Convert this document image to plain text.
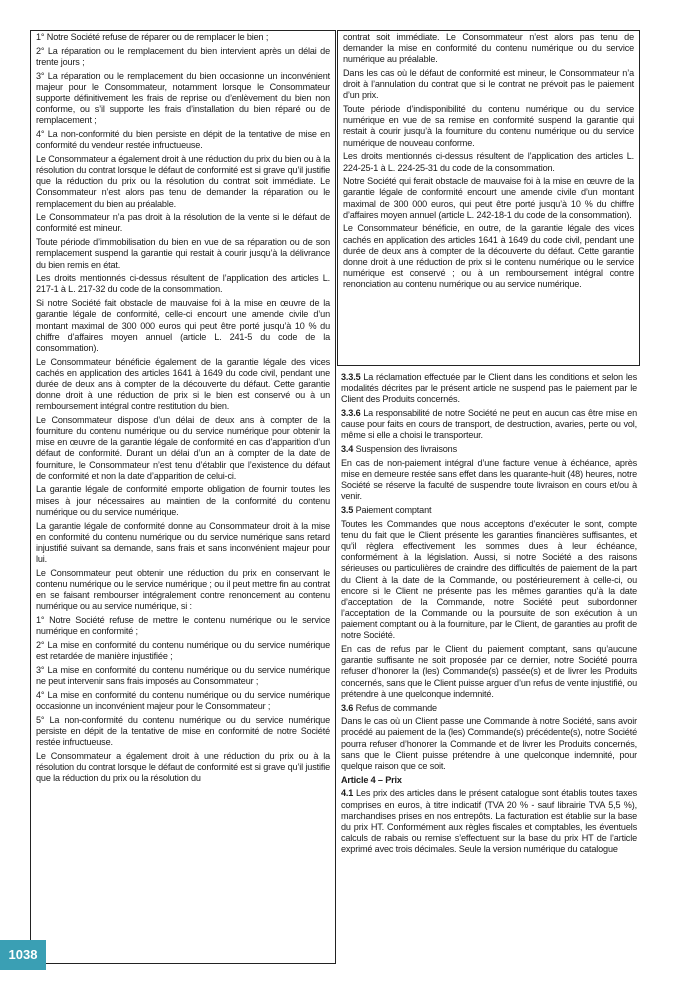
1° Notre Société refuse de réparer ou de remplacer le bien ;

2° La réparation ou le remplacement du bien intervient après un délai de trente jours ;

3° La réparation ou le remplacement du bien occasionne un inconvénient majeur pour le Consommateur, notamment lorsque le Consommateur supporte définitivement les frais de reprise ou d’enlèvement du bien non conforme, ou s’il supporte les frais d’installation du bien réparé ou de remplacement ;

4° La non-conformité du bien persiste en dépit de la tentative de mise en conformité du vendeur restée infructueuse.

Le Consommateur a également droit à une réduction du prix du bien ou à la résolution du contrat lorsque le défaut de conformité est si grave qu’il justifie que la réduction du prix ou la résolution du contrat soit immédiate. Le Consommateur n’est alors pas tenu de demander la réparation ou le remplacement du bien au préalable.

Le Consommateur n’a pas droit à la résolution de la vente si le défaut de conformité est mineur.

Toute période d’immobilisation du bien en vue de sa réparation ou de son remplacement suspend la garantie qui restait à courir jusqu’à la délivrance du bien remis en état.

Les droits mentionnés ci-dessus résultent de l’application des articles L. 217-1 à L. 217-32 du code de la consommation.

Si notre Société fait obstacle de mauvaise foi à la mise en œuvre de la garantie légale de conformité, celle-ci encourt une amende civile d’un montant maximal de 300 000 euros qui peut être porté jusqu’à 10 % du chiffre d’affaires moyen annuel (article L. 241-5 du code de la consommation).

Le Consommateur bénéficie également de la garantie légale des vices cachés en application des articles 1641 à 1649 du code civil, pendant une durée de deux ans à compter de la découverte du défaut. Cette garantie donne droit à une réduction de prix si le bien est conservé ou à un remboursement intégral contre restitution du bien.

Le Consommateur dispose d’un délai de deux ans à compter de la fourniture du contenu numérique ou du service numérique pour obtenir la mise en œuvre de la garantie légale de conformité en cas d’apparition d’un défaut de conformité. Durant un délai d’un an à compter de la date de fourniture, le Consommateur n’est tenu d’établir que l’existence du défaut de conformité et non la date d’apparition de celui-ci.

La garantie légale de conformité emporte obligation de fournir toutes les mises à jour nécessaires au maintien de la conformité du contenu numérique ou du service numérique.

La garantie légale de conformité donne au Consommateur droit à la mise en conformité du contenu numérique ou du service numérique sans retard injustifié suivant sa demande, sans frais et sans inconvénient majeur pour lui.

Le Consommateur peut obtenir une réduction du prix en conservant le contenu numérique ou le service numérique ; ou il peut mettre fin au contrat en se faisant rembourser intégralement contre renoncement au contenu numérique ou au service numérique, si :

1° Notre Société refuse de mettre le contenu numérique ou le service numérique en conformité ;

2° La mise en conformité du contenu numérique ou du service numérique est retardée de manière injustifiée ;

3° La mise en conformité du contenu numérique ou du service numérique ne peut intervenir sans frais imposés au Consommateur ;

4° La mise en conformité du contenu numérique ou du service numérique occasionne un inconvénient majeur pour le Consommateur ;

5° La non-conformité du contenu numérique ou du service numérique persiste en dépit de la tentative de mise en conformité de notre Société restée infructueuse.

Le Consommateur a également droit à une réduction du prix ou à la résolution du contrat lorsque le défaut de conformité est si grave qu’il justifie que la réduction du prix ou la résolution du

contrat soit immédiate. Le Consommateur n’est alors pas tenu de demander la mise en conformité du contenu numérique ou du service numérique au préalable.

Dans les cas où le défaut de conformité est mineur, le Consommateur n’a droit à l’annulation du contrat que si le contrat ne prévoit pas le paiement d’un prix.

Toute période d’indisponibilité du contenu numérique ou du service numérique en vue de sa remise en conformité suspend la garantie qui restait à courir jusqu’à la fourniture du contenu numérique ou du service numérique de nouveau conforme.

Les droits mentionnés ci-dessus résultent de l’application des articles L. 224-25-1 à L. 224-25-31 du code de la consommation.

Notre Société qui ferait obstacle de mauvaise foi à la mise en œuvre de la garantie légale de conformité encourt une amende civile d’un montant maximal de 300 000 euros, qui peut être porté jusqu’à 10 % du chiffre d’affaires moyen annuel (article L. 242-18-1 du code de la consommation).

Le Consommateur bénéficie, en outre, de la garantie légale des vices cachés en application des articles 1641 à 1649 du code civil, pendant une durée de deux ans à compter de la découverte du défaut. Cette garantie donne droit à une réduction de prix si le contenu numérique ou le service numérique est conservé ; ou à un remboursement intégral contre renonciation au contenu numérique ou au service numérique.

3.3.5 La réclamation effectuée par le Client dans les conditions et selon les modalités décrites par le présent article ne suspend pas le paiement par le Client des Produits concernés.

3.3.6 La responsabilité de notre Société ne peut en aucun cas être mise en cause pour faits en cours de transport, de destruction, avaries, perte ou vol, même si elle a choisi le transporteur.

3.4 Suspension des livraisons

En cas de non-paiement intégral d’une facture venue à échéance, après mise en demeure restée sans effet dans les quarante-huit (48) heures, notre Société se réserve la faculté de suspendre toute livraison en cours et/ou à venir.

3.5 Paiement comptant

Toutes les Commandes que nous acceptons d’exécuter le sont, compte tenu du fait que le Client présente les garanties financières suffisantes, et qu’il règlera effectivement les sommes dues à leur échéance, conformément à la législation. Aussi, si notre Société a des raisons sérieuses ou particulières de craindre des difficultés de paiement de la part du Client à la date de la Commande, ou postérieurement à celle-ci, ou encore si le Client ne présente pas les mêmes garanties qu’à la date d’acceptation de la Commande, notre Société peut subordonner l’acceptation de la Commande ou la poursuite de son exécution à un paiement comptant ou à la fourniture, par le Client, de garanties au profit de notre Société.

En cas de refus par le Client du paiement comptant, sans qu’aucune garantie suffisante ne soit proposée par ce dernier, notre Société pourra refuser d’honorer la (les) Commande(s) passée(s) et de livrer les Produits concernés, sans que le Client puisse arguer d’un refus de vente injustifié, ou prétendre à une quelconque indemnité.

3.6 Refus de commande

Dans le cas où un Client passe une Commande à notre Société, sans avoir procédé au paiement de la (les) Commande(s) précédente(s), notre Société pourra refuser d’honorer la Commande et de livrer les Produits concernés, sans que le Client puisse prétendre à une quelconque indemnité, pour quelque raison que ce soit.

Article 4 – Prix

4.1 Les prix des articles dans le présent catalogue sont établis toutes taxes comprises en euros, à titre indicatif (TVA 20 % - sauf librairie TVA 5,5 %), marchandises prises en nos entrepôts. La facturation est établie sur la base du prix HT. Conformément aux règles fiscales et comptables, les éventuels calculs de rabais ou remise s’effectuent sur la base du prix HT de l’article exprimé avec trois décimales. Seule la version numérique du catalogue

1038
